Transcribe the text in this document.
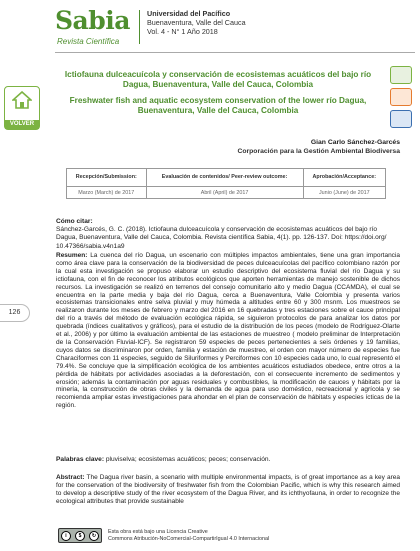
VOLVER
126
Sabia
Revista Científica
Universidad del Pacífico
Buenaventura, Valle del Cauca
Vol. 4 - N° 1 Año 2018
Ictiofauna dulceacuícola y conservación de ecosistemas acuáticos del bajo río Dagua, Buenaventura, Valle del Cauca, Colombia
Freshwater fish and aquatic ecosystem conservation of the lower río Dagua, Buenaventura, Valle del Cauca, Colombia
Gian Carlo Sánchez-Garcés
Corporación para la Gestión Ambiental Biodiversa
Recepción/Submission:	Evaluación de contenidos/ Peer-review outcome:	Aprobación/Acceptance:
Marzo (March) de 2017	Abril (April) de 2017	Junio (June) de 2017
Cómo citar:
Sánchez-Garcés, G. C. (2018). Ictiofauna dulceacuícola y conservación de ecosistemas acuáticos del bajo río Dagua, Buenaventura, Valle del Cauca, Colombia. Revista científica Sabia, 4(1). pp. 126-137. Doi: https://doi.org/ 10.47366/sabia.v4n1a9
Resumen: La cuenca del río Dagua, un escenario con múltiples impactos ambientales, tiene una gran importancia como área clave para la conservación de la biodiversidad de peces dulceacuícolas del pacífico colombiano razón por la cual esta investigación se propuso elaborar un estudio descriptivo del ecosistema fluvial del río Dagua y su ictiofauna, con el fin de reconocer los atributos ecológicos que aporten herramientas de manejo sostenible de dichos recursos. La investigación se realizó en terrenos del consejo comunitario alto y medio Dagua (CCAMDA), el cual se encuentra en la parte media y baja del río Dagua, cerca a Buenaventura, Valle Colombia y presenta varios ecosistemas transicionales entre selva pluvial y muy húmeda a altitudes entre 60 y 300 msnm. Los muestreos se realizaron durante los meses de febrero y marzo del 2016 en 16 quebradas y tres estaciones sobre el cauce principal del río a través del método de evaluación ecológica rápida, se siguieron protocolos de para analizar los datos por quebrada (índices cualitativos y gráficos), para el estudio de la distribución de los peces (modelo de Rodríguez-Olarte et al., 2006) y por último la evaluación ambiental de las estaciones de muestreo ( modelo preliminar de Interpretación de la Conservación Fluvial-ICF). Se registraron 59 especies de peces pertenecientes a seis órdenes y 19 familias, cuyos datos se discriminaron por orden, familia y estación de muestreo, el orden con mayor número de especies fue Characiformes con 11 especies, seguido de Siluriformes y Perciformes con 10 especies cada uno, lo cual representó el 79.4%. Se concluye que la simplificación ecológica de los ambientes acuáticos estudiados obedece, entre otros a la pérdida de hábitats por actividades asociadas a la deforestación, con el consecuente incremento de sedimentos y erosión; además la contaminación por aguas residuales y combustibles, la modificación de cauces y hábitats por la minería, la construcción de obras civiles y la demanda de agua para uso doméstico, recreacional y agrícola y se recomienda ampliar estas investigaciones para ahondar en el plan de conservación de hábitats y especies ícticas de la región.
Palabras clave: pluviselva; ecosistemas acuáticos; peces; conservación.
Abstract: The Dagua river basin, a scenario with multiple environmental impacts, is of great importance as a key area for the conservation of the biodiversity of freshwater fish from the Colombian Pacific, which is why this research aimed to develop a descriptive study of the river ecosystem of the Dagua River, and its ichthyofauna, in order to recognize the ecological attributes that provide sustainable
i	$	↻
Esta obra está bajo una Licencia Creative
Commons Atribución-NoComercial-CompartirIgual 4.0 Internacional
